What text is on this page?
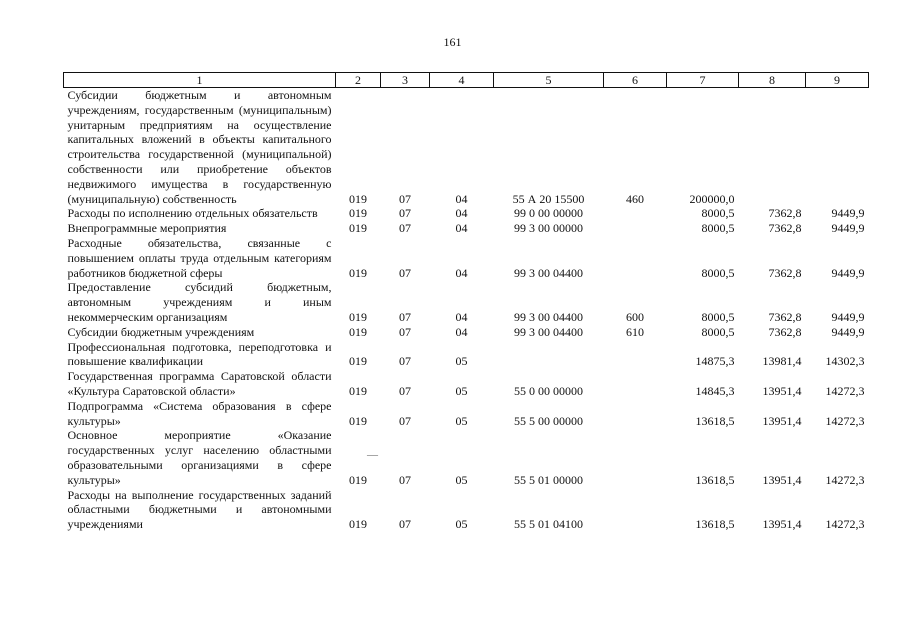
161
1	2	3	4	5	6	7	8	9
Субсидии бюджетным и автономным учреждениям, государственным (муниципальным) унитарным предприятиям на осуществление капитальных вложений в объекты капитального строительства государственной (муниципальной) собственности или приобретение объектов недвижимого имущества в государственную (муниципальную) собственность	019	07	04	55 А 20 15500	460	200000,0		
Расходы по исполнению отдельных обязательств	019	07	04	99 0 00 00000		8000,5	7362,8	9449,9
Внепрограммные мероприятия	019	07	04	99 3 00 00000		8000,5	7362,8	9449,9
Расходные обязательства, связанные с повышением оплаты труда отдельным категориям работников бюджетной сферы	019	07	04	99 3 00 04400		8000,5	7362,8	9449,9
Предоставление субсидий бюджетным, автономным учреждениям и иным некоммерческим организациям	019	07	04	99 3 00 04400	600	8000,5	7362,8	9449,9
Субсидии бюджетным учреждениям	019	07	04	99 3 00 04400	610	8000,5	7362,8	9449,9
Профессиональная подготовка, переподготовка и повышение квалификации	019	07	05			14875,3	13981,4	14302,3
Государственная программа Саратовской области «Культура Саратовской области»	019	07	05	55 0 00 00000		14845,3	13951,4	14272,3
Подпрограмма «Система образования в сфере культуры»	019	07	05	55 5 00 00000		13618,5	13951,4	14272,3
Основное мероприятие «Оказание государственных услуг населению областными образовательными организациями в сфере культуры»	019	07	05	55 5 01 00000		13618,5	13951,4	14272,3
Расходы на выполнение государственных заданий областными бюджетными и автономными учреждениями	019	07	05	55 5 01 04100		13618,5	13951,4	14272,3
—
